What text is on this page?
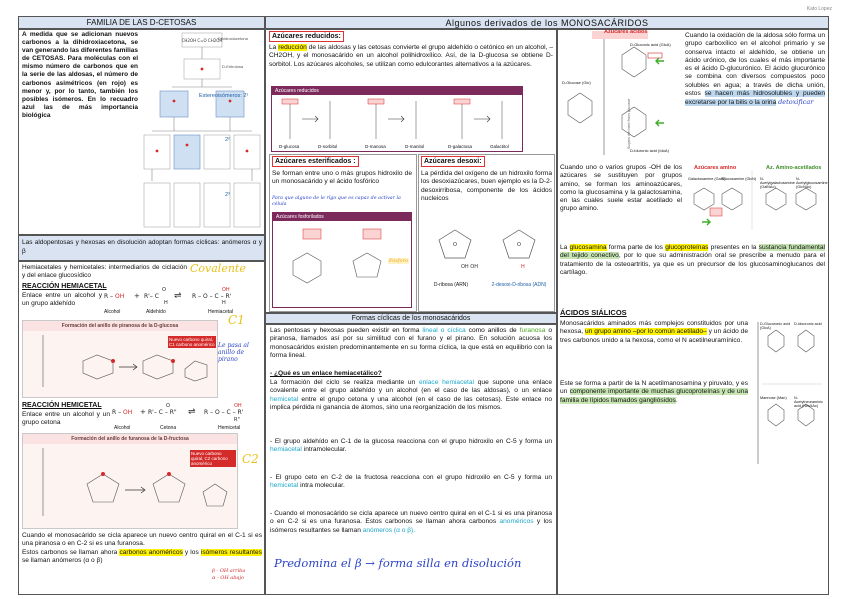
FAMILIA DE LAS D-CETOSAS	Algunos derivados de los MONOSACÁRIDOS
Kato Lopez
A medida que se adicionan nuevos carbonos a la dihidroxiacetona, se van generando las diferentes familias de CETOSAS. Para moléculas con el mismo número de carbonos que en la serie de las aldosas, el número de carbonos asimétricos (en rojo) es menor y, por lo tanto, también los posibles isómeros. En lo recuadro azul las de más importancia biológica
CH2OH C=O CH2OH
Dihidroxiacetona
D-Eritrulosa
Estereoisómeros: 2¹
2²
2³
Las aldopentosas y hexosas en disolución adoptan formas cíclicas: anómeros α y β
Hemiacetales y hemicetales: intermediarios de ciclación y del enlace glucosídico
Covalente
REACCIÓN HEMIACETAL
Enlace entre un alcohol y un grupo aldehído
R – OH + R'– C
O
H
⇌ R – O – C – R'
OH
H
Alcohol	Aldehído	Hemiacetal
Formación del anillo de piranosa de la D-glucosa
Nuevo carbono quiral, C1 carbono anomérico
C1
Le pasa al anillo de pirano
REACCIÓN HEMICETAL
Enlace entre un alcohol y un grupo cetona
R – OH + R'– C – R"
O
⇌ R – O – C – R'
OH
R"
Alcohol	Cetona	Hemicetal
Formación del anillo de furanosa de la D-fructosa
Nuevo carbono quiral, C2 carbono anomérico	C2
Cuando el monosacárido se cicla aparece un nuevo centro quiral en el C-1 si es una piranosa o en C-2 si es una furanosa.
Estos carbonos se llaman ahora carbonos anoméricos y los isómeros resultantes se llaman anómeros (α o β)
β - OH arriba
α - OH abajo
Azúcares reducidos:
La reducción de las aldosas y las cetosas convierte el grupo aldehído o cetónico en un alcohol, –CH2OH, y el monosacárido en un alcohol polihidroxílico. Así, de la D-glucosa se obtiene D-sorbitol. Los azúcares alcoholes, se utilizan como edulcorantes alternativos a la azúcares.
Azúcares reducidos
D-glucosa	D-sorbitol	D-manosa	D-manitol	D-galactosa	Galactitol
Azúcares esterificados :
Se forman entre uno o más grupos hidroxilo de un monosacárido y el ácido fosfórico
Para que alguno de le rı̄go que es capaz de activar la célula
Azúcares fosforilados
Fósforo
Azúcares desoxi:
La pérdida del oxígeno de un hidroxilo forma los desoxiazúcares, buen ejemplo es la D-2-desoxirribosa, componente de los ácidos nucleicos
O	O
OH OH	H
D-ribosa (ARN)	2-desoxi-D-ribosa (ADN)
Formas cíclicas de los monosacáridos
Las pentosas y hexosas pueden existir en forma lineal o cíclica como anillos de furanosa o piranosa, llamados así por su similitud con el furano y el pirano. En solución acuosa los monosacáridos existen predominantemente en su forma cíclica, la que está en equilibrio con la forma lineal.
- ¿Qué es un enlace hemiacetálico?
La formación del ciclo se realiza mediante un enlace hemiacetal que supone una enlace covalente entre el grupo aldehído y un alcohol (en el caso de las aldosas), o un enlace hemicetal entre el grupo cetona y una alcohol (en el caso de las cetosas). Este enlace no implica pérdida ni ganancia de átomos, sino una reorganización de los mismos.
- El grupo aldehído en C-1 de la glucosa reacciona con el grupo hidroxilo en C-5 y forma un hemiacetal intramolecular.
- El grupo ceto en C-2 de la fructosa reacciona con el grupo hidroxilo en C-5 y forma un hemicetal intra molecular.
- Cuando el monosacárido se cicla aparece un nuevo centro quiral en el C-1 si es una piranosa o en C-2 si es una furanosa. Estos carbonos se llaman ahora carbonos anoméricos y los isómeros resultantes se llaman anómeros (α o β).
Predomina el β → forma silla en disolución
Sugars derived from glucose
Azúcares ácidos
D-Gluconic acid (GlcA)
D-Glucose (Glc)
D-Iduronic acid (IdoA)
Cuando la oxidación de la aldosa sólo forma un grupo carboxílico en el alcohol primario y se conserva intacto el aldehído, se obtiene un ácido urónico, de los cuales el más importante es el ácido D-glucurónico. El ácido glucurónico se combina con diversos compuestos poco solubles en agua; a través de dicha unión, estos se hacen más hidrosolubles y pueden excretarse por la bilis o la orina detoxificar
Cuando uno o varios grupos -OH de los azúcares se sustituyen por grupos amino, se forman los aminoazúcares, como la glucosamina y la galactosamina, en las cuales suele estar acetilado el grupo amino.
Azúcares amino	Az. Amino-acetilados
Galactosamine (GalN)
Glucosamine (GlcN) N-Acetylgalactosamine (GalNAc)
N-Acetylglucosamine (GlcNAc)
La glucosamina forma parte de los glucoproteínas presentes en la sustancia fundamental del tejido conectivo, por lo que su administración oral se prescribe a menudo para el tratamiento de la osteoartritis, ya que es un precursor de los glucosaminoglucanos del cartílago.
ÁCIDOS SIÁLICOS
Monosacáridos aminados más complejos constituidos por una hexosa, un grupo amino –por lo común acetilado– y un ácido de tres carbonos unido a la hexosa, como el N acetilneuramínico.
Este se forma a partir de la N acetilmanosamina y piruvato, y es un componente importante de muchas glucoproteínas y de una familia de lípidos llamados gangliósidos.
D-Glucuronic acid (GlcA)
D-Idouronic acid
Mannose (Man)	N-Acetylneuraminic acid (Neu5Ac)
